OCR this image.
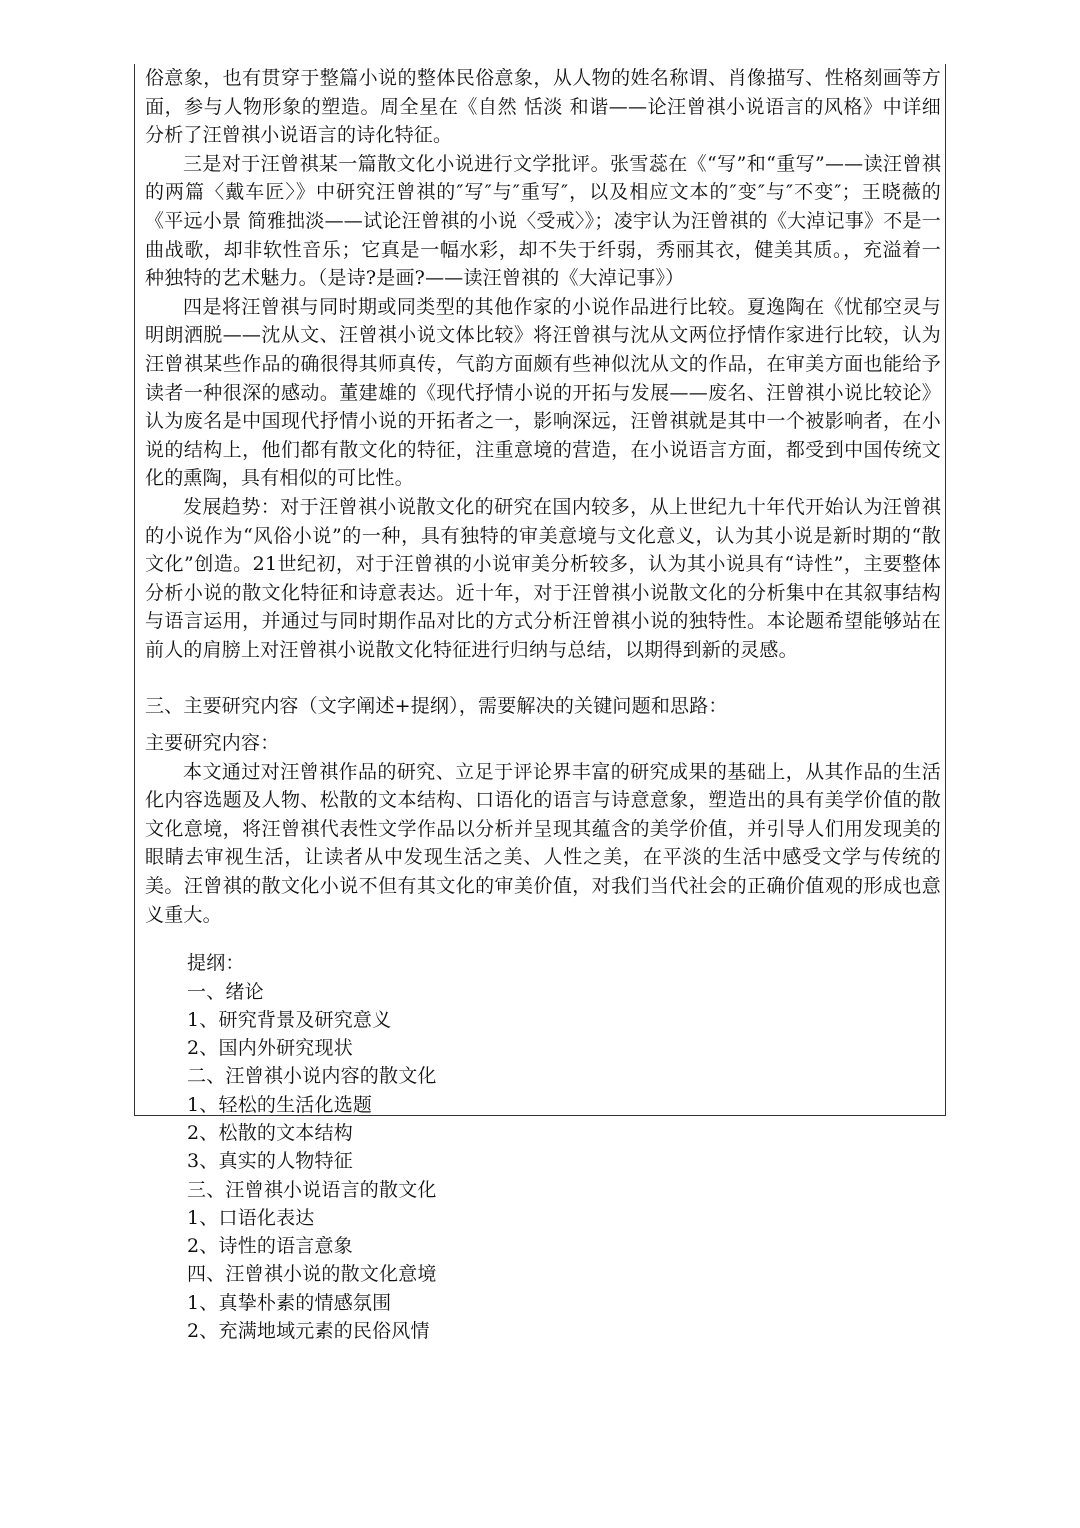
俗意象，也有贯穿于整篇小说的整体民俗意象，从人物的姓名称谓、肖像描写、性格刻画等方面，参与人物形象的塑造。周全星在《自然 恬淡 和谐——论汪曾祺小说语言的风格》中详细分析了汪曾祺小说语言的诗化特征。

三是对于汪曾祺某一篇散文化小说进行文学批评。张雪蕊在《“写”和“重写”——读汪曾祺的两篇〈戴车匠〉》中研究汪曾祺的″写″与″重写″，以及相应文本的″变″与″不变″；王晓薇的《平远小景 简雅拙淡——试论汪曾祺的小说〈受戒〉》；凌宇认为汪曾祺的《大淖记事》不是一曲战歌，却非软性音乐；它真是一幅水彩，却不失于纤弱，秀丽其衣，健美其质。，充溢着一种独特的艺术魅力。（是诗?是画?——读汪曾祺的《大淖记事》）

四是将汪曾祺与同时期或同类型的其他作家的小说作品进行比较。夏逸陶在《忧郁空灵与明朗洒脱——沈从文、汪曾祺小说文体比较》将汪曾祺与沈从文两位抒情作家进行比较，认为汪曾祺某些作品的确很得其师真传，气韵方面颇有些神似沈从文的作品，在审美方面也能给予读者一种很深的感动。董建雄的《现代抒情小说的开拓与发展——废名、汪曾祺小说比较论》认为废名是中国现代抒情小说的开拓者之一，影响深远，汪曾祺就是其中一个被影响者，在小说的结构上，他们都有散文化的特征，注重意境的营造，在小说语言方面，都受到中国传统文化的熏陶，具有相似的可比性。

发展趋势：对于汪曾祺小说散文化的研究在国内较多，从上世纪九十年代开始认为汪曾祺的小说作为“风俗小说”的一种，具有独特的审美意境与文化意义，认为其小说是新时期的“散文化”创造。21世纪初，对于汪曾祺的小说审美分析较多，认为其小说具有“诗性”，主要整体分析小说的散文化特征和诗意表达。近十年，对于汪曾祺小说散文化的分析集中在其叙事结构与语言运用，并通过与同时期作品对比的方式分析汪曾祺小说的独特性。本论题希望能够站在前人的肩膀上对汪曾祺小说散文化特征进行归纳与总结，以期得到新的灵感。

三、主要研究内容（文字阐述+提纲），需要解决的关键问题和思路：

主要研究内容：

本文通过对汪曾祺作品的研究、立足于评论界丰富的研究成果的基础上，从其作品的生活化内容选题及人物、松散的文本结构、口语化的语言与诗意意象，塑造出的具有美学价值的散文化意境，将汪曾祺代表性文学作品以分析并呈现其蕴含的美学价值，并引导人们用发现美的眼睛去审视生活，让读者从中发现生活之美、人性之美，在平淡的生活中感受文学与传统的美。汪曾祺的散文化小说不但有其文化的审美价值，对我们当代社会的正确价值观的形成也意义重大。

提纲：
一、绪论
1、研究背景及研究意义
2、国内外研究现状
二、汪曾祺小说内容的散文化
1、轻松的生活化选题
2、松散的文本结构
3、真实的人物特征
三、汪曾祺小说语言的散文化
1、口语化表达
2、诗性的语言意象
四、汪曾祺小说的散文化意境
1、真挚朴素的情感氛围
2、充满地域元素的民俗风情
